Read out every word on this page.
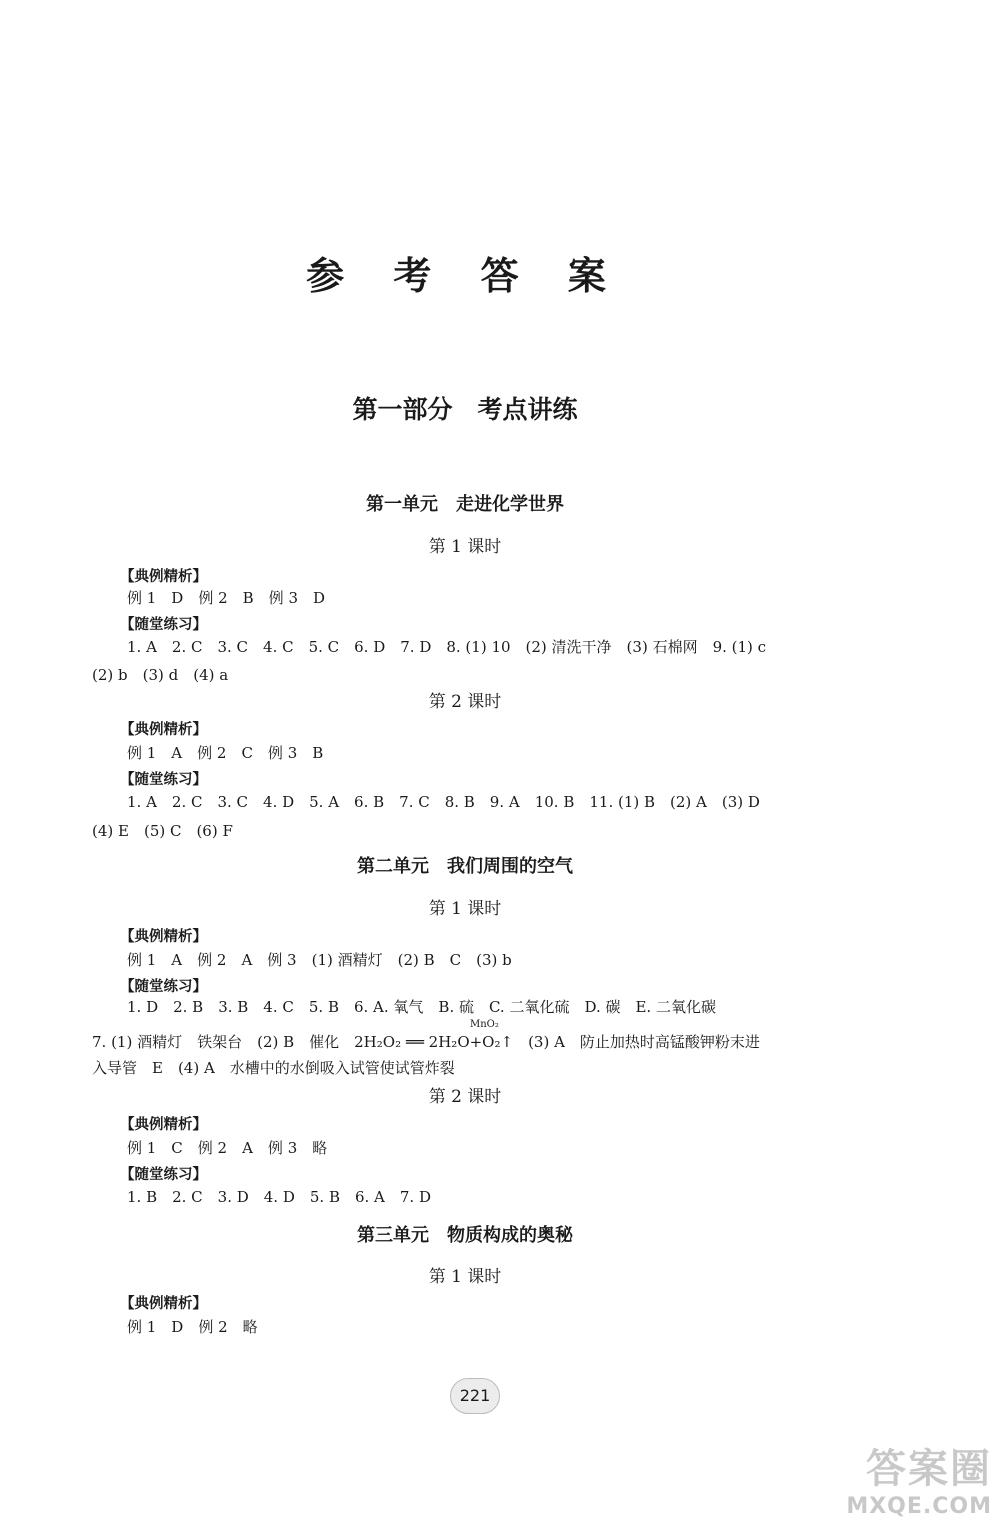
参 考 答 案
第一部分　考点讲练
第一单元　走进化学世界
第 1 课时
【典例精析】
例 1　D　例 2　B　例 3　D
【随堂练习】
1. A　2. C　3. C　4. C　5. C　6. D　7. D　8. (1) 10　(2) 清洗干净　(3) 石棉网　9. (1) c
(2) b　(3) d　(4) a
第 2 课时
【典例精析】
例 1　A　例 2　C　例 3　B
【随堂练习】
1. A　2. C　3. C　4. D　5. A　6. B　7. C　8. B　9. A　10. B　11. (1) B　(2) A　(3) D
(4) E　(5) C　(6) F
第二单元　我们周围的空气
第 1 课时
【典例精析】
例 1　A　例 2　A　例 3　(1) 酒精灯　(2) B　C　(3) b
【随堂练习】
1. D　2. B　3. B　4. C　5. B　6. A. 氧气　B. 硫　C. 二氧化硫　D. 碳　E. 二氧化碳
MnO₂
7. (1) 酒精灯　铁架台　(2) B　催化　2H₂O₂ ══ 2H₂O+O₂↑　(3) A　防止加热时高锰酸钾粉末进
入导管　E　(4) A　水槽中的水倒吸入试管使试管炸裂
第 2 课时
【典例精析】
例 1　C　例 2　A　例 3　略
【随堂练习】
1. B　2. C　3. D　4. D　5. B　6. A　7. D
第三单元　物质构成的奥秘
第 1 课时
【典例精析】
例 1　D　例 2　略
221
答案圈
MXQE.COM
